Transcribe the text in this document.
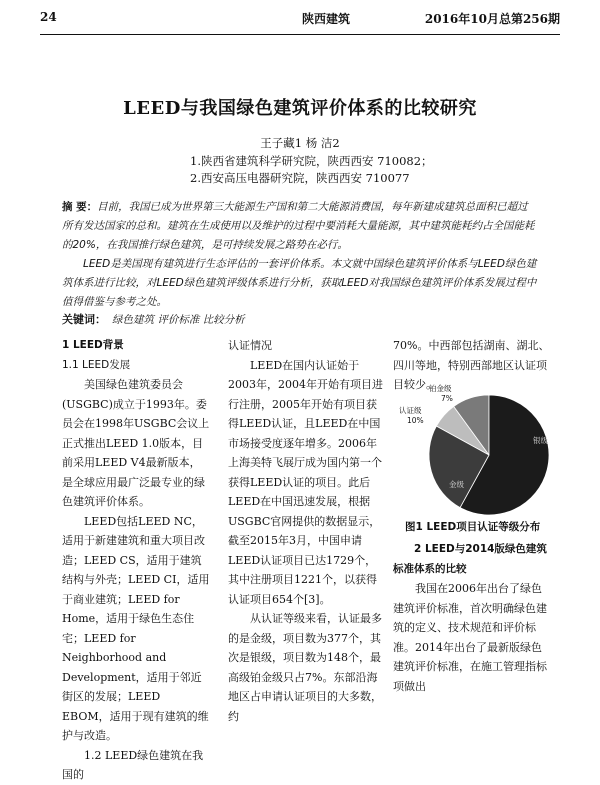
24	陕西建筑	2016年10月总第256期
LEED与我国绿色建筑评价体系的比较研究
王子藏1 杨 洁2
1.陕西省建筑科学研究院，陕西西安 710082；
2.西安高压电器研究院，陕西西安 710077
摘 要：目前，我国已成为世界第三大能源生产国和第二大能源消费国，每年新建成建筑总面积已超过所有发达国家的总和。建筑在生成使用以及维护的过程中要消耗大量能源，其中建筑能耗约占全国能耗的20%，在我国推行绿色建筑，是可持续发展之路势在必行。
LEED是美国现有建筑进行生态评估的一套评价体系。本文就中国绿色建筑评价体系与LEED绿色建筑体系进行比较，对LEED绿色建筑评级体系进行分析，获取LEED对我国绿色建筑评价体系发展过程中值得借鉴与参考之处。
关键词： 绿色建筑 评价标准 比较分析

1 LEED背景

1.1 LEED发展

美国绿色建筑委员会(USGBC)成立于1993年。委员会在1998年USGBC会议上正式推出LEED 1.0版本，目前采用LEED V4最新版本，是全球应用最广泛最专业的绿色建筑评价体系。

LEED包括LEED NC，适用于新建建筑和重大项目改造；LEED CS，适用于建筑结构与外壳；LEED CI，适用于商业建筑；LEED for Home，适用于绿色生态住宅；LEED for Neighborhood and Development，适用于邻近街区的发展；LEED EBOM，适用于现有建筑的维护与改造。

1.2 LEED绿色建筑在我国的

认证情况

LEED在国内认证始于2003年，2004年开始有项目进行注册，2005年开始有项目获得LEED认证，且LEED在中国市场接受度逐年增多。2006年上海美特飞展厅成为国内第一个获得LEED认证的项目。此后LEED在中国迅速发展，根据USGBC官网提供的数据显示，截至2015年3月，中国申请LEED认证项目已达1729个，其中注册项目1221个，以获得认证项目654个[3]。

从认证等级来看，认证最多的是金级，项目数为377个，其次是银级，项目数为148个，最高级铂金级只占7%。东部沿海地区占申请认证项目的大多数，约

70%。中西部包括湖南、湖北、四川等地，特别西部地区认证项目较少。

铂金级
7%
认证级
10%
金级
银级
图1 LEED项目认证等级分布

2 LEED与2014版绿色建筑标准体系的比较

我国在2006年出台了绿色建筑评价标准，首次明确绿色建筑的定义、技术规范和评价标准。2014年出台了最新版绿色建筑评价标准，在施工管理指标项做出
